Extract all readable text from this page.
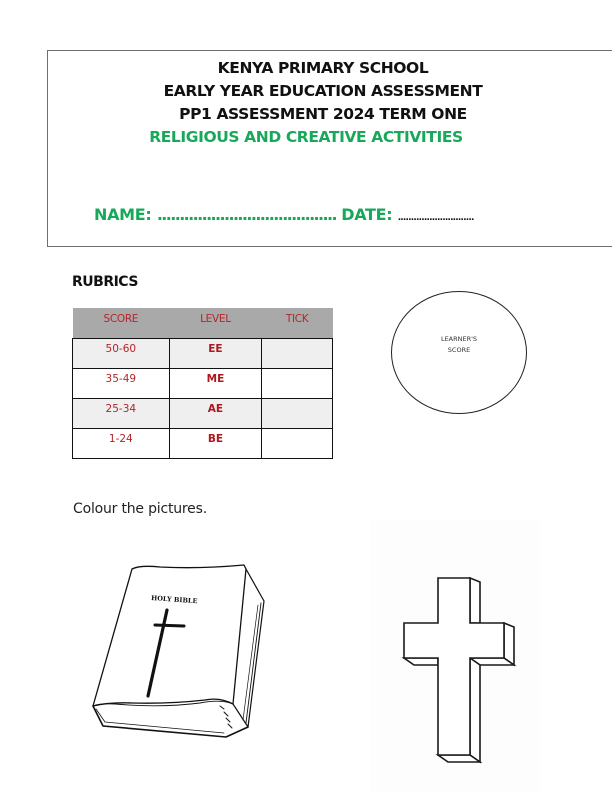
KENYA PRIMARY SCHOOL
EARLY YEAR EDUCATION ASSESSMENT
PP1 ASSESSMENT 2024 TERM ONE
RELIGIOUS AND CREATIVE ACTIVITIES
NAME: ........................................ DATE: .............................
RUBRICS
SCORE	LEVEL	TICK
50-60	EE	
35-49	ME	
25-34	AE	
1-24	BE	
LEARNER'S
SCORE
Colour the pictures.
HOLY BIBLE
